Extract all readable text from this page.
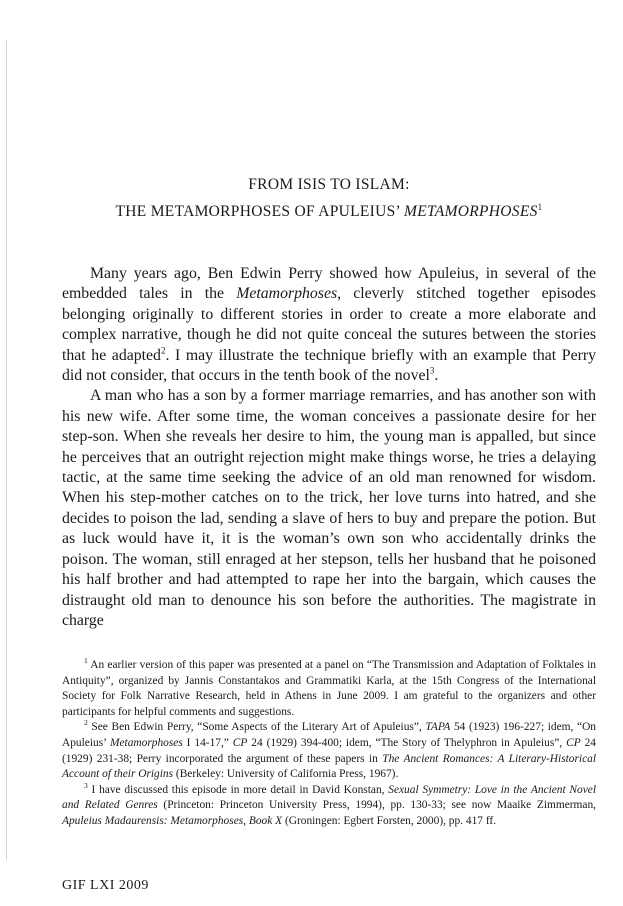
FROM ISIS TO ISLAM:
THE METAMORPHOSES OF APULEIUS’ METAMORPHOSES$^1$

Many years ago, Ben Edwin Perry showed how Apuleius, in several of the embedded tales in the Metamorphoses, cleverly stitched together episodes belonging originally to different stories in order to create a more elaborate and complex narrative, though he did not quite conceal the sutures between the stories that he adapted$^2$. I may illustrate the technique briefly with an example that Perry did not consider, that occurs in the tenth book of the novel$^3$.

A man who has a son by a former marriage remarries, and has another son with his new wife. After some time, the woman conceives a passionate desire for her step-son. When she reveals her desire to him, the young man is appalled, but since he perceives that an outright rejection might make things worse, he tries a delaying tactic, at the same time seeking the advice of an old man renowned for wisdom. When his step-mother catches on to the trick, her love turns into hatred, and she decides to poison the lad, sending a slave of hers to buy and prepare the potion. But as luck would have it, it is the woman’s own son who accidentally drinks the poison. The woman, still enraged at her stepson, tells her husband that he poisoned his half brother and had attempted to rape her into the bargain, which causes the distraught old man to denounce his son before the authorities. The magistrate in charge

$^1$ An earlier version of this paper was presented at a panel on “The Transmission and Adaptation of Folktales in Antiquity”, organized by Jannis Constantakos and Grammatiki Karla, at the 15th Congress of the International Society for Folk Narrative Research, held in Athens in June 2009. I am grateful to the organizers and other participants for helpful comments and suggestions.

$^2$ See Ben Edwin Perry, “Some Aspects of the Literary Art of Apuleius”, TAPA 54 (1923) 196-227; idem, “On Apuleius’ Metamorphoses I 14-17,” CP 24 (1929) 394-400; idem, “The Story of Thelyphron in Apuleius”, CP 24 (1929) 231-38; Perry incorporated the argument of these papers in The Ancient Romances: A Literary-Historical Account of their Origins (Berkeley: University of California Press, 1967).

$^3$ I have discussed this episode in more detail in David Konstan, Sexual Symmetry: Love in the Ancient Novel and Related Genres (Princeton: Princeton University Press, 1994), pp. 130-33; see now Maaike Zimmerman, Apuleius Madaurensis: Metamorphoses, Book X (Groningen: Egbert Forsten, 2000), pp. 417 ff.

GIF LXI 2009
